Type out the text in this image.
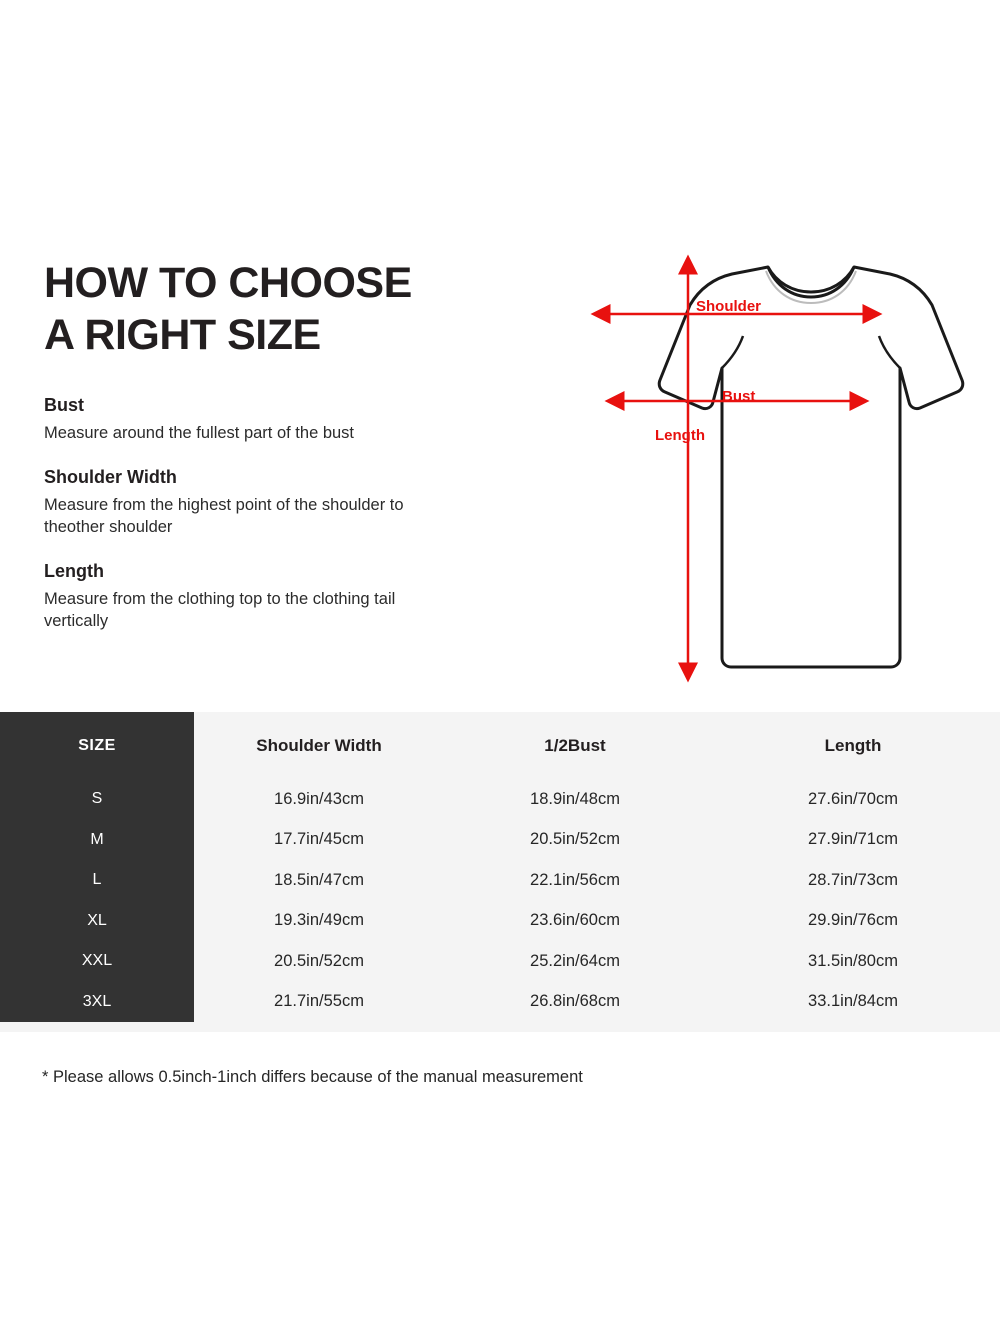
HOW TO CHOOSE
A RIGHT SIZE

Bust

Measure around the fullest part of the bust

Shoulder Width

Measure from the highest point of the shoulder to theother shoulder

Length

Measure from the clothing top to the clothing tail vertically

Shoulder
Bust
Length
SIZE	Shoulder Width	1/2Bust	Length
S	16.9in/43cm	18.9in/48cm	27.6in/70cm
M	17.7in/45cm	20.5in/52cm	27.9in/71cm
L	18.5in/47cm	22.1in/56cm	28.7in/73cm
XL	19.3in/49cm	23.6in/60cm	29.9in/76cm
XXL	20.5in/52cm	25.2in/64cm	31.5in/80cm
3XL	21.7in/55cm	26.8in/68cm	33.1in/84cm
* Please allows 0.5inch-1inch differs because of the manual measurement
